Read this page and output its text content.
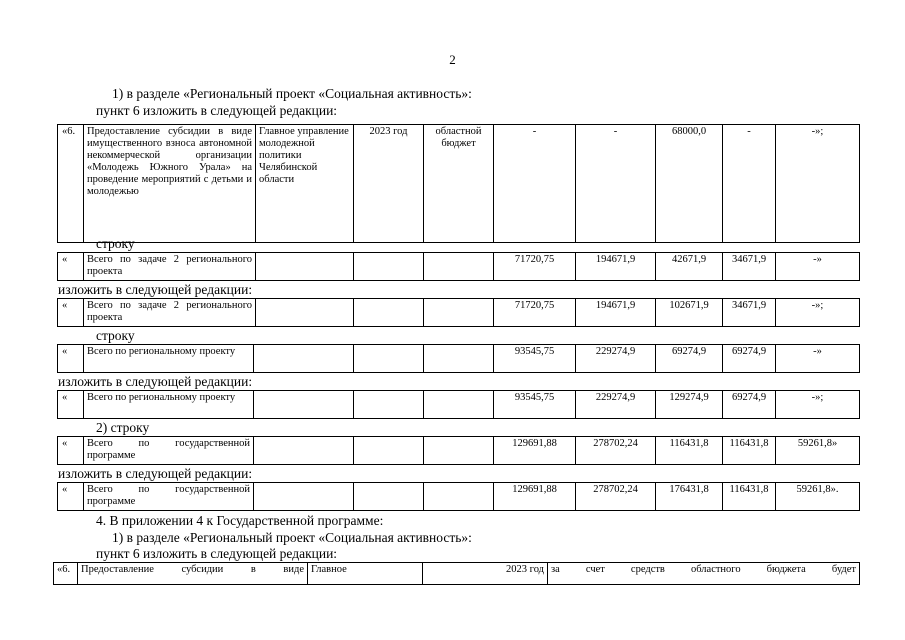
2
1) в разделе «Региональный проект «Социальная активность»:
пункт 6 изложить в следующей редакции:
«6.	Предоставление субсидии в виде имущественного взноса автономной некоммерческой организации «Молодежь Южного Урала» на проведение мероприятий с детьми и молодежью	Главное управление молодежной политики Челябинской области	2023 год	областной бюджет	-	-	68000,0	-	-»;
строку
«	Всего по задаче 2 регионального проекта				71720,75	194671,9	42671,9	34671,9	-»
изложить в следующей редакции:
«	Всего по задаче 2 регионального проекта				71720,75	194671,9	102671,9	34671,9	-»;
строку
«	Всего по региональному проекту				93545,75	229274,9	69274,9	69274,9	-»
изложить в следующей редакции:
«	Всего по региональному проекту				93545,75	229274,9	129274,9	69274,9	-»;
2) строку
«	Всего по государственной программе				129691,88	278702,24	116431,8	116431,8	59261,8»
изложить в следующей редакции:
«	Всего по государственной программе				129691,88	278702,24	176431,8	116431,8	59261,8».
4. В приложении 4 к Государственной программе:
1) в разделе «Региональный проект «Социальная активность»:
пункт 6 изложить в следующей редакции:
«6.	Предоставление субсидии в виде	Главное	2023 год	за счет средств областного бюджета будет
